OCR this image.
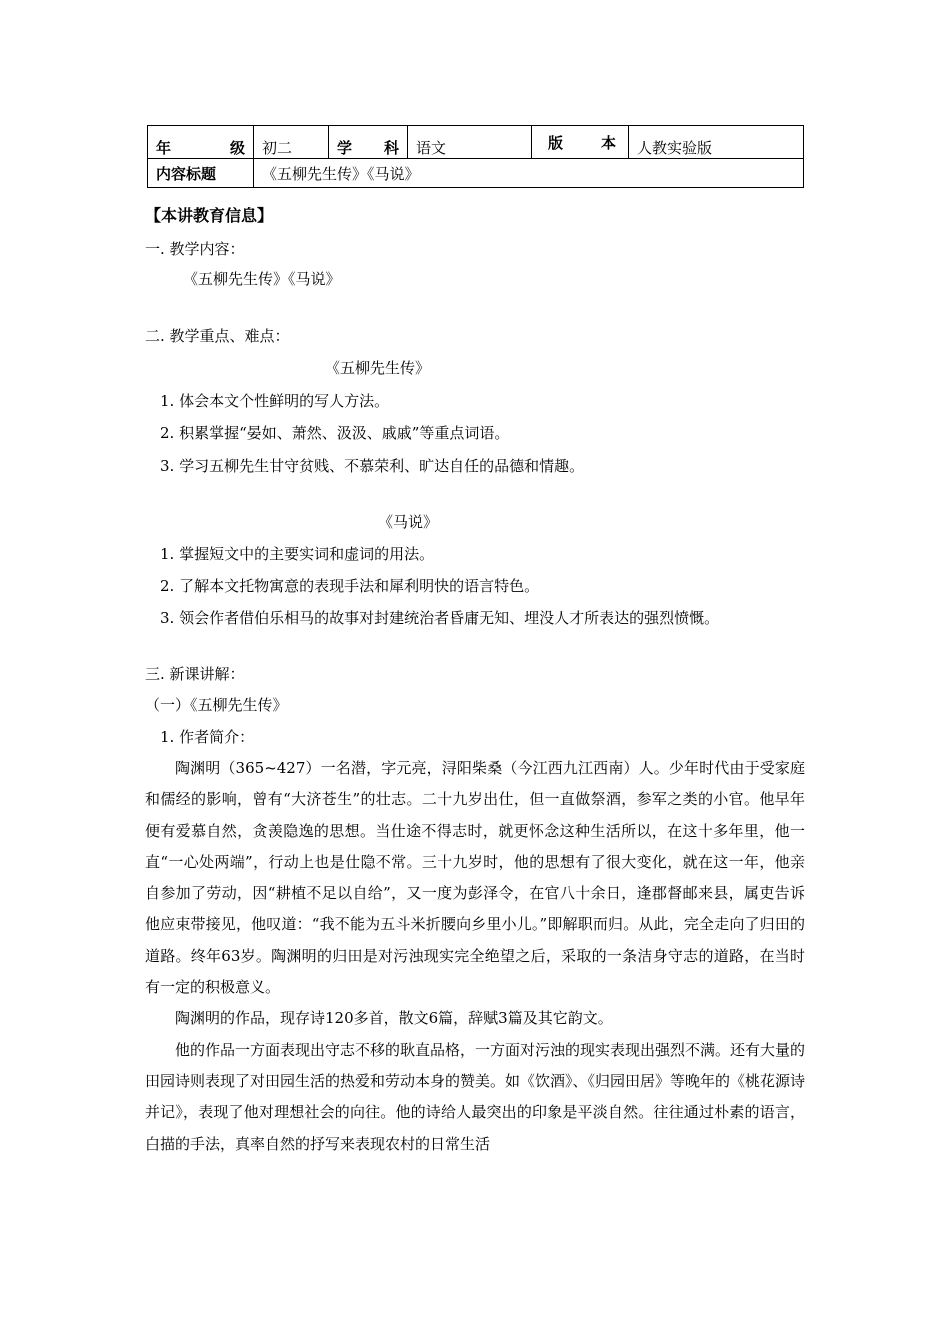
年 级	初二	学 科	语文	版 本	人教实验版
内容标题	《五柳先生传》《马说》				
【本讲教育信息】
一. 教学内容：
《五柳先生传》《马说》
二. 教学重点、难点：
《五柳先生传》
1. 体会本文个性鲜明的写人方法。
2. 积累掌握“晏如、萧然、汲汲、戚戚”等重点词语。
3. 学习五柳先生甘守贫贱、不慕荣利、旷达自任的品德和情趣。
《马说》
1. 掌握短文中的主要实词和虚词的用法。
2. 了解本文托物寓意的表现手法和犀利明快的语言特色。
3. 领会作者借伯乐相马的故事对封建统治者昏庸无知、埋没人才所表达的强烈愤慨。
三. 新课讲解：
（一）《五柳先生传》
1. 作者简介：

陶渊明（365~427）一名潜，字元亮，浔阳柴桑（今江西九江西南）人。少年时代由于受家庭和儒经的影响，曾有“大济苍生”的壮志。二十九岁出仕，但一直做祭酒，参军之类的小官。他早年便有爱慕自然，贪羡隐逸的思想。当仕途不得志时，就更怀念这种生活所以，在这十多年里，他一直“一心处两端”，行动上也是仕隐不常。三十九岁时，他的思想有了很大变化，就在这一年，他亲自参加了劳动，因“耕植不足以自给”，又一度为彭泽令，在官八十余日，逢郡督邮来县，属吏告诉他应束带接见，他叹道：“我不能为五斗米折腰向乡里小儿。”即解职而归。从此，完全走向了归田的道路。终年63岁。陶渊明的归田是对污浊现实完全绝望之后，采取的一条洁身守志的道路，在当时有一定的积极意义。

陶渊明的作品，现存诗120多首，散文6篇，辞赋3篇及其它韵文。

他的作品一方面表现出守志不移的耿直品格，一方面对污浊的现实表现出强烈不满。还有大量的田园诗则表现了对田园生活的热爱和劳动本身的赞美。如《饮酒》、《归园田居》等晚年的《桃花源诗并记》，表现了他对理想社会的向往。他的诗给人最突出的印象是平淡自然。往往通过朴素的语言，白描的手法，真率自然的抒写来表现农村的日常生活
